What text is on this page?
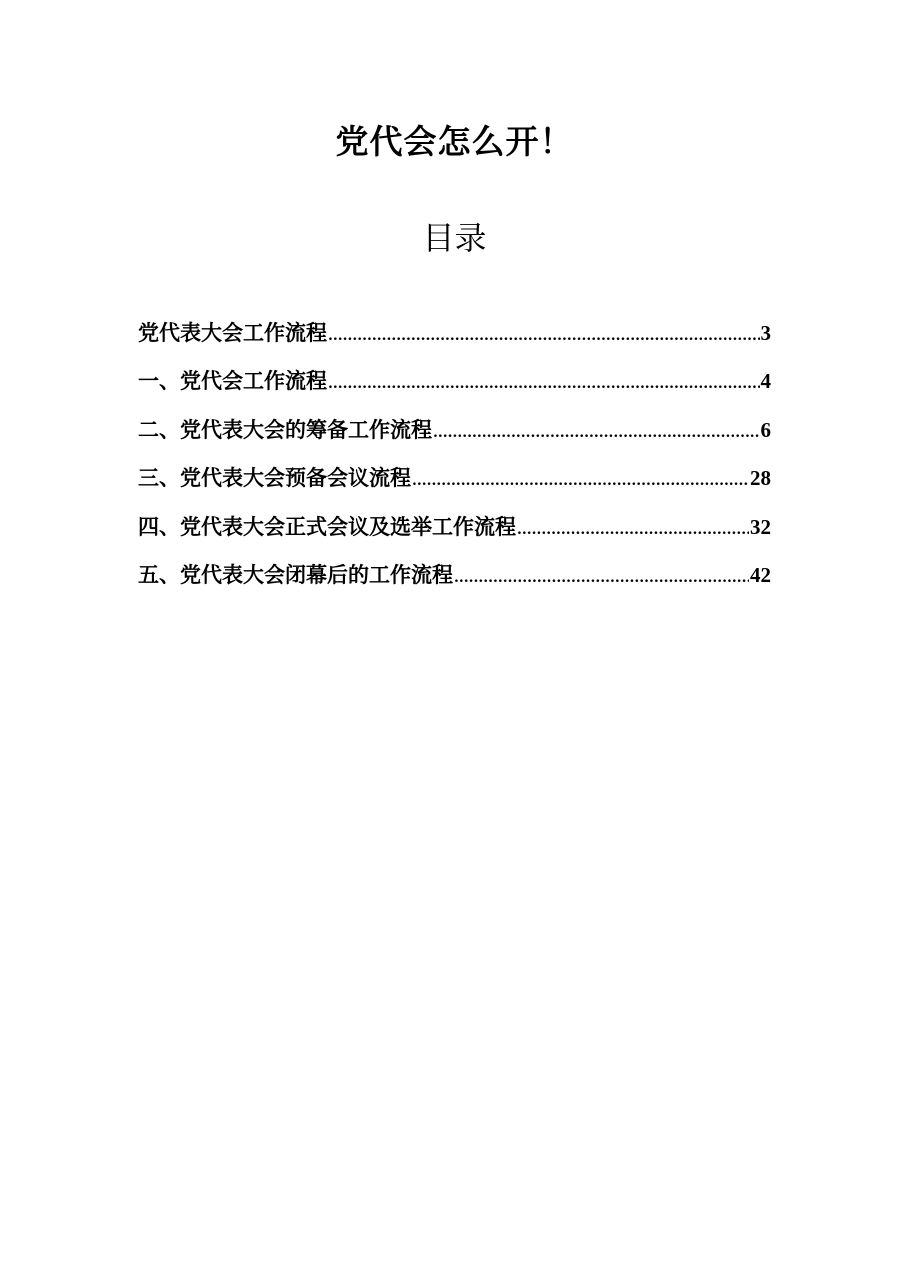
党代会怎么开！
目录
党代表大会工作流程 .....	3
一、党代会工作流程 .....	4
二、党代表大会的筹备工作流程 .....	6
三、党代表大会预备会议流程 .....	28
四、党代表大会正式会议及选举工作流程 .....	32
五、党代表大会闭幕后的工作流程 .....	42
